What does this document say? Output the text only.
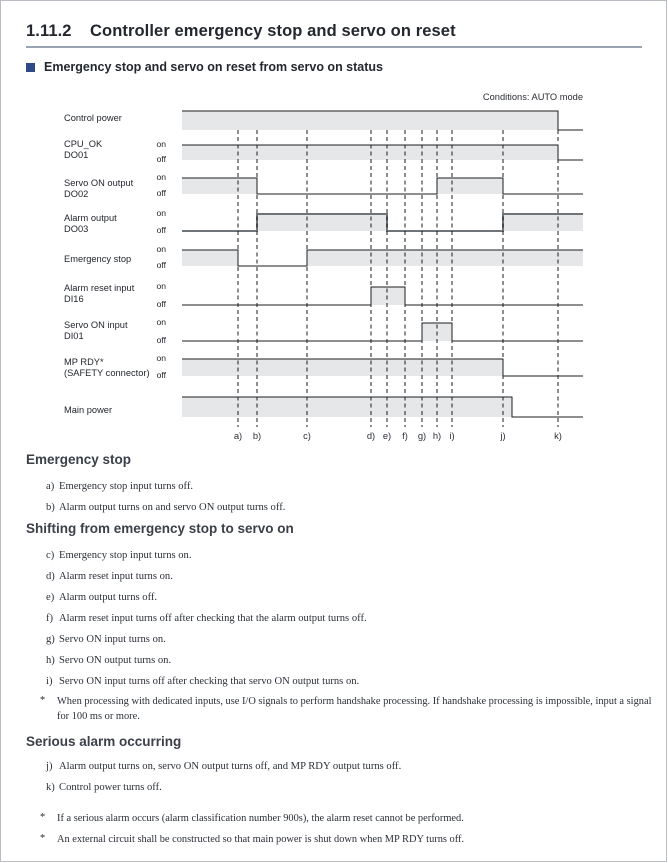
1.11.2 Controller emergency stop and servo on reset
Emergency stop and servo on reset from servo on status
Conditions: AUTO mode
Control power
CPU_OK
DO01
on
off
Servo ON output
DO02
on
off
Alarm output
DO03
on
off
Emergency stop
on
off
Alarm reset input
DI16
on
off
Servo ON input
DI01
on
off
MP RDY*
(SAFETY connector)
on
off
Main power
a) b)	c)	d) e) f) g) h) i)	j)	k)
Emergency stop
a) Emergency stop input turns off.
b) Alarm output turns on and servo ON output turns off.
Shifting from emergency stop to servo on
c) Emergency stop input turns on.
d) Alarm reset input turns on.
e) Alarm output turns off.
f) Alarm reset input turns off after checking that the alarm output turns off.
g) Servo ON input turns on.
h) Servo ON output turns on.
i) Servo ON input turns off after checking that servo ON output turns on.
Serious alarm occurring
j) Alarm output turns on, servo ON output turns off, and MP RDY output turns off.
k) Control power turns off.
* When processing with dedicated inputs, use I/O signals to perform handshake processing. If handshake processing is impossible, input a signal for 100 ms or more.
* If a serious alarm occurs (alarm classification number 900s), the alarm reset cannot be performed.
* An external circuit shall be constructed so that main power is shut down when MP RDY turns off.
